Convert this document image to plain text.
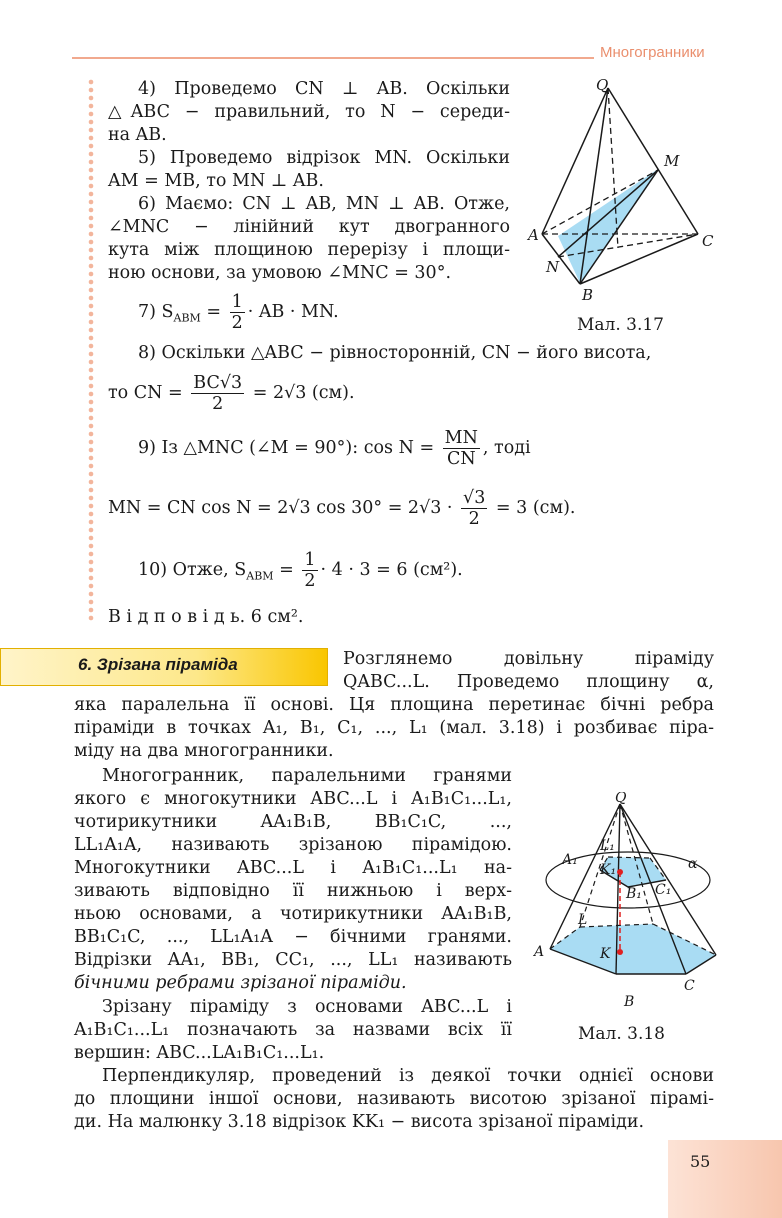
Многогранники
4) Проведемо CN ⊥ AB. Оскільки
△ABC − правильний, то N − середи-
на AB.
5) Проведемо відрізок MN. Оскільки
AM = MB, то MN ⊥ AB.
6) Маємо: CN ⊥ AB, MN ⊥ AB. Отже,
∠MNC − лінійний кут двогранного
кута між площиною перерізу і площи-
ною основи, за умовою ∠MNC = 30°.
7) $S_{ABM} = \frac{1}{2}$ · AB · MN.
8) Оскільки △ABC − рівносторонній, CN − його висота,
то CN = $\frac{BC√3}{2} = 2√3$ (см).
9) Із △MNC (∠M = 90°): $\cos N = \frac{MN}{CN}$ , тоді
MN = CN cos N = 2√3 $\cos 30^\circ = 2√3 \cdot \frac{√3}{2} = 3$ (см).
10) Отже, $S_{ABM} = \frac{1}{2} \cdot 4 \cdot 3 = 6$ (см²).
В і д п о в і д ь. 6 см².
Q
M
A	C
N
B
Мал. 3.17
6. Зрізана піраміда	Розглянемо довільну піраміду
QABC...L. Проведемо площину α,
яка паралельна її основі. Ця площина перетинає бічні ребра
піраміди в точках A₁, B₁, C₁, ..., L₁ (мал. 3.18) і розбиває піра-
міду на два многогранники.
Многогранник, паралельними гранями
якого є многокутники ABC...L і A₁B₁C₁...L₁,
чотирикутники AA₁B₁B, BB₁C₁C, ...,
LL₁A₁A, називають зрізаною пірамідою.
Многокутники ABC...L і A₁B₁C₁...L₁ на-
зивають відповідно її нижньою і верх-
ньою основами, а чотирикутники AA₁B₁B,
BB₁C₁C, ..., LL₁A₁A − бічними гранями.
Відрізки AA₁, BB₁, CC₁, ..., LL₁ називають
бічними ребрами зрізаної піраміди.
Зрізану піраміду з основами ABC...L і
A₁B₁C₁...L₁ позначають за назвами всіх її
вершин: ABC...LA₁B₁C₁...L₁.
Перпендикуляр, проведений із деякої точки однієї основи
до площини іншої основи, називають висотою зрізаної пірамі-
ди. На малюнку 3.18 відрізок KK₁ − висота зрізаної піраміди.
Q
L₁
A₁
K₁
B₁ C₁
α
L
A	K
B
C
Мал. 3.18
55
